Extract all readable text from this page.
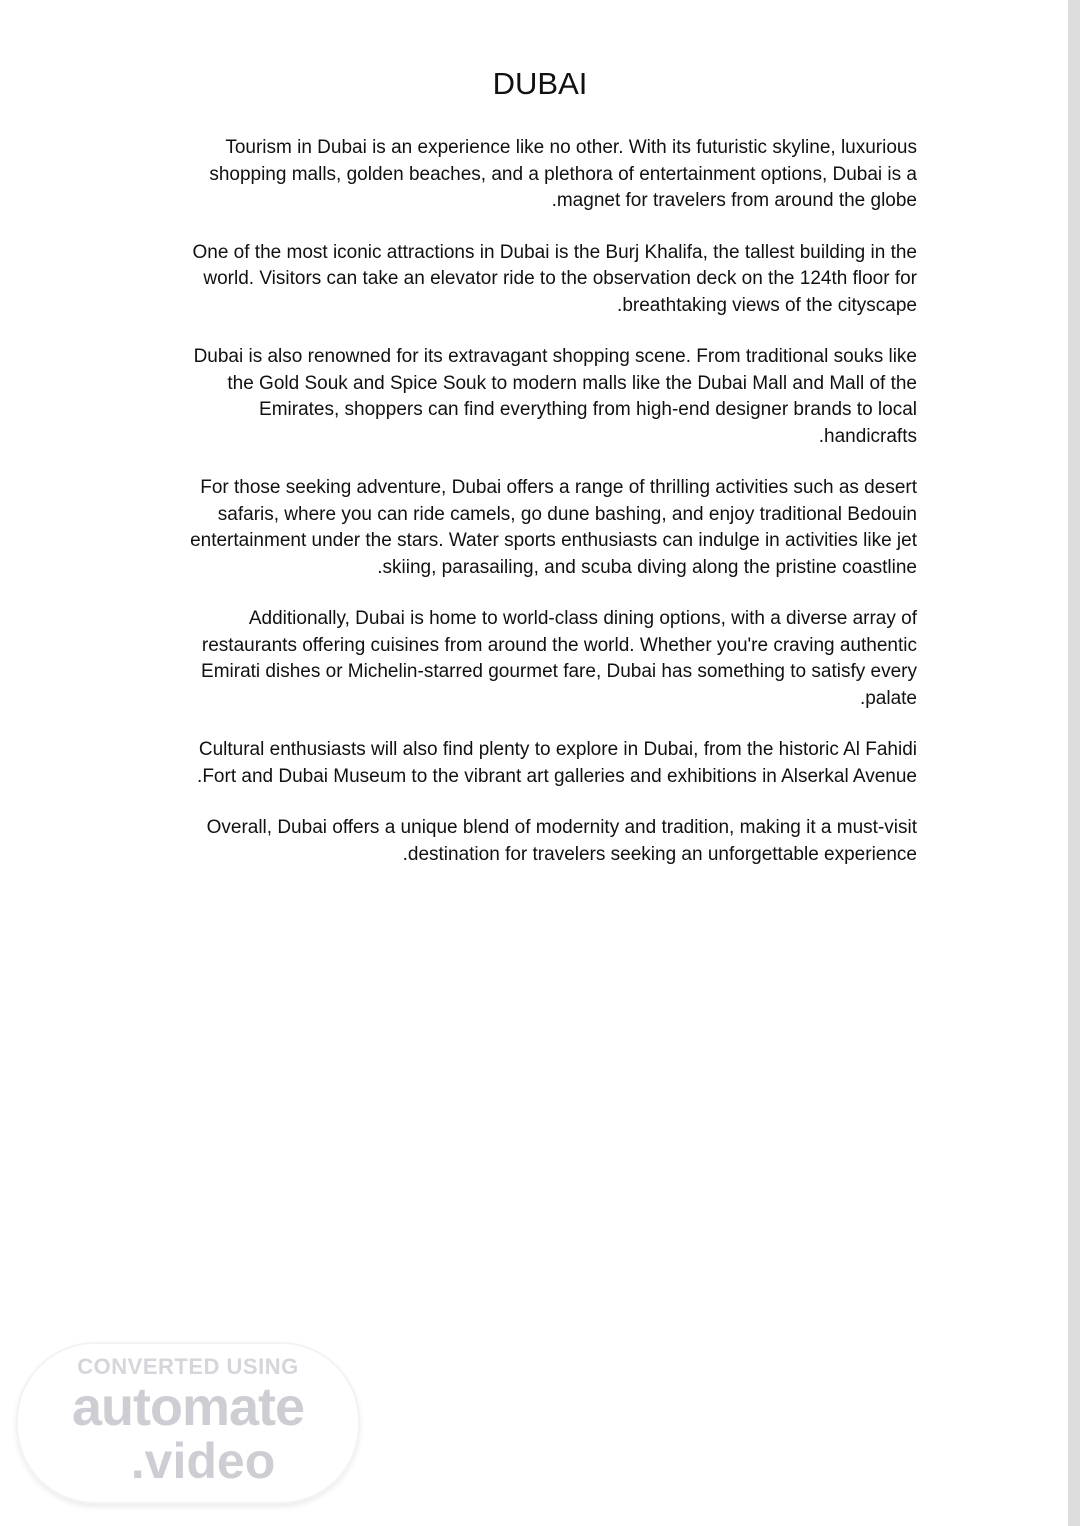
DUBAI

Tourism in Dubai is an experience like no other. With its futuristic skyline, luxurious shopping malls, golden beaches, and a plethora of entertainment options, Dubai is a magnet for travelers from around the globe.

One of the most iconic attractions in Dubai is the Burj Khalifa, the tallest building in the world. Visitors can take an elevator ride to the observation deck on the 124th floor for breathtaking views of the cityscape.

Dubai is also renowned for its extravagant shopping scene. From traditional souks like the Gold Souk and Spice Souk to modern malls like the Dubai Mall and Mall of the Emirates, shoppers can find everything from high-end designer brands to local handicrafts.

For those seeking adventure, Dubai offers a range of thrilling activities such as desert safaris, where you can ride camels, go dune bashing, and enjoy traditional Bedouin entertainment under the stars. Water sports enthusiasts can indulge in activities like jet skiing, parasailing, and scuba diving along the pristine coastline.

Additionally, Dubai is home to world-class dining options, with a diverse array of restaurants offering cuisines from around the world. Whether you're craving authentic Emirati dishes or Michelin-starred gourmet fare, Dubai has something to satisfy every palate.

Cultural enthusiasts will also find plenty to explore in Dubai, from the historic Al Fahidi Fort and Dubai Museum to the vibrant art galleries and exhibitions in Alserkal Avenue.

Overall, Dubai offers a unique blend of modernity and tradition, making it a must-visit destination for travelers seeking an unforgettable experience.

CONVERTED USING
automate
.video
